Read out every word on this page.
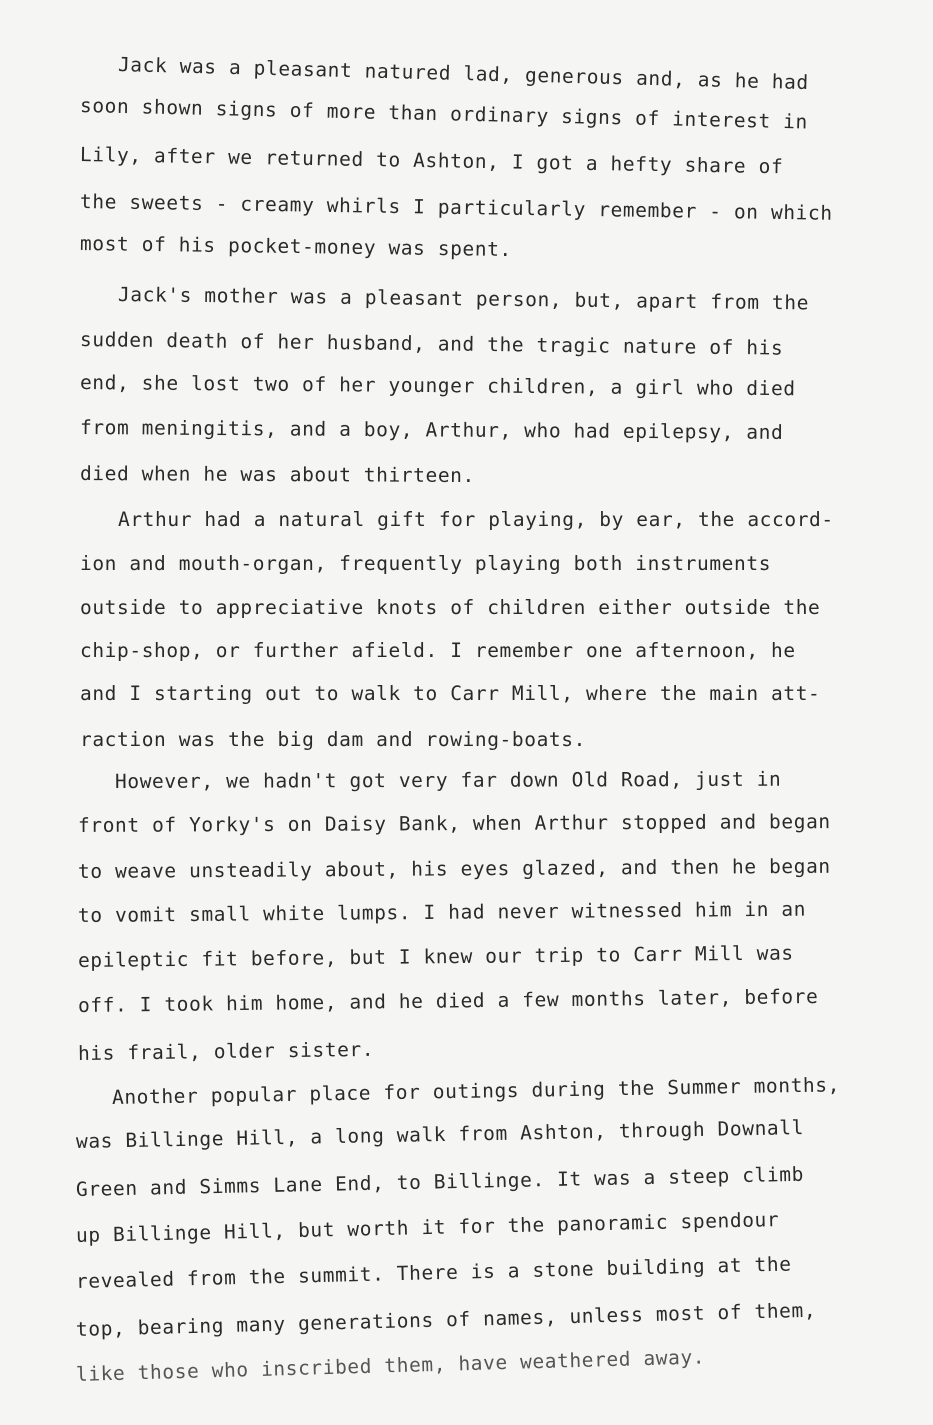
Jack was a pleasant natured lad, generous and, as he had
soon shown signs of more than ordinary signs of interest in
Lily, after we returned to Ashton, I got a hefty share of
the sweets - creamy whirls I particularly remember - on which
most of his pocket-money was spent.
Jack's mother was a pleasant person, but, apart from the
sudden death of her husband, and the tragic nature of his
end, she lost two of her younger children, a girl who died
from meningitis, and a boy, Arthur, who had epilepsy, and
died when he was about thirteen.
Arthur had a natural gift for playing, by ear, the accord-
ion and mouth-organ, frequently playing both instruments
outside to appreciative knots of children either outside the
chip-shop, or further afield. I remember one afternoon, he
and I starting out to walk to Carr Mill, where the main att-
raction was the big dam and rowing-boats.
However, we hadn't got very far down Old Road, just in
front of Yorky's on Daisy Bank, when Arthur stopped and began
to weave unsteadily about, his eyes glazed, and then he began
to vomit small white lumps. I had never witnessed him in an
epileptic fit before, but I knew our trip to Carr Mill was
off. I took him home, and he died a few months later, before
his frail, older sister.
Another popular place for outings during the Summer months,
was Billinge Hill, a long walk from Ashton, through Downall
Green and Simms Lane End, to Billinge. It was a steep climb
up Billinge Hill, but worth it for the panoramic spendour
revealed from the summit. There is a stone building at the
top, bearing many generations of names, unless most of them,
like those who inscribed them, have weathered away.
